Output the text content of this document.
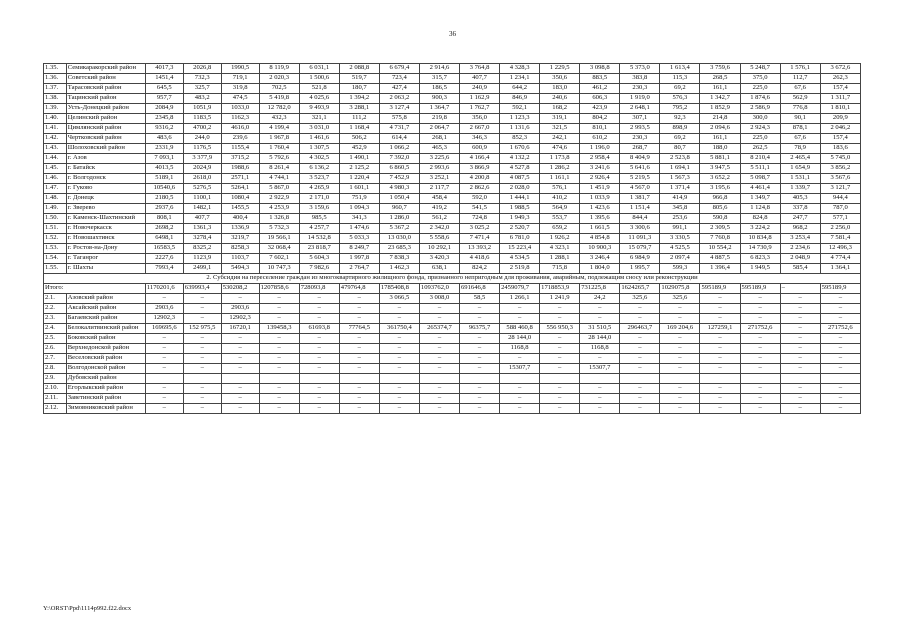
36
1.35.	Семикаракорский район	4017,3	2026,8	1990,5	8 119,9	6 031,1	2 088,8	6 679,4	2 914,6	3 764,8	4 328,3	1 229,5	3 098,8	5 373,0	1 613,4	3 759,6	5 248,7	1 576,1	3 672,6
1.36.	Советский район	1451,4	732,3	719,1	2 020,3	1 500,6	519,7	723,4	315,7	407,7	1 234,1	350,6	883,5	383,8	115,3	268,5	375,0	112,7	262,3
1.37.	Тарасовский район	645,5	325,7	319,8	702,5	521,8	180,7	427,4	186,5	240,9	644,2	183,0	461,2	230,3	69,2	161,1	225,0	67,6	157,4
1.38.	Тацинский район	957,7	483,2	474,5	5 419,8	4 025,6	1 394,2	2 063,2	900,3	1 162,9	846,9	240,6	606,3	1 919,0	576,3	1 342,7	1 874,6	562,9	1 311,7
1.39.	Усть-Донецкий район	2084,9	1051,9	1033,0	12 782,0	9 493,9	3 288,1	3 127,4	1 364,7	1 762,7	592,1	168,2	423,9	2 648,1	795,2	1 852,9	2 586,9	776,8	1 810,1
1.40.	Целинский район	2345,8	1183,5	1162,3	432,3	321,1	111,2	575,8	219,8	356,0	1 123,3	319,1	804,2	307,1	92,3	214,8	300,0	90,1	209,9
1.41.	Цимлянский район	9316,2	4700,2	4616,0	4 199,4	3 031,0	1 168,4	4 731,7	2 064,7	2 667,0	1 131,6	321,5	810,1	2 993,5	898,9	2 094,6	2 924,3	878,1	2 046,2
1.42.	Чертковский район	483,6	244,0	239,6	1 967,8	1 461,6	506,2	614,4	268,1	346,3	852,3	242,1	610,2	230,3	69,2	161,1	225,0	67,6	157,4
1.43.	Шолоховский район	2331,9	1176,5	1155,4	1 760,4	1 307,5	452,9	1 066,2	465,3	600,9	1 670,6	474,6	1 196,0	268,7	80,7	188,0	262,5	78,9	183,6
1.44.	г. Азов	7 093,1	3 377,9	3715,2	5 792,6	4 302,5	1 490,1	7 392,0	3 225,6	4 166,4	4 132,2	1 173,8	2 958,4	8 404,9	2 523,8	5 881,1	8 210,4	2 465,4	5 745,0
1.45.	г. Батайск	4013,5	2024,9	1988,6	8 261,4	6 136,2	2 125,2	6 860,5	2 993,6	3 866,9	4 527,8	1 286,2	3 241,6	5 641,6	1 694,1	3 947,5	5 511,1	1 654,9	3 856,2
1.46.	г. Волгодонск	5189,1	2618,0	2571,1	4 744,1	3 523,7	1 220,4	7 452,9	3 252,1	4 200,8	4 087,5	1 161,1	2 926,4	5 219,5	1 567,3	3 652,2	5 098,7	1 531,1	3 567,6
1.47.	г. Гуково	10540,6	5276,5	5264,1	5 867,0	4 265,9	1 601,1	4 980,3	2 117,7	2 862,6	2 028,0	576,1	1 451,9	4 567,0	1 371,4	3 195,6	4 461,4	1 339,7	3 121,7
1.48.	г. Донецк	2180,5	1100,1	1080,4	2 922,9	2 171,0	751,9	1 050,4	458,4	592,0	1 444,1	410,2	1 033,9	1 381,7	414,9	966,8	1 349,7	405,3	944,4
1.49.	г. Зверево	2937,6	1482,1	1455,5	4 253,9	3 159,6	1 094,3	960,7	419,2	541,5	1 988,5	564,9	1 423,6	1 151,4	345,8	805,6	1 124,8	337,8	787,0
1.50.	г. Каменск-Шахтинский	808,1	407,7	400,4	1 326,8	985,5	341,3	1 286,0	561,2	724,8	1 949,3	553,7	1 395,6	844,4	253,6	590,8	824,8	247,7	577,1
1.51.	г. Новочеркасск	2698,2	1361,3	1336,9	5 732,3	4 257,7	1 474,6	5 367,2	2 342,0	3 025,2	2 520,7	659,2	1 661,5	3 300,6	991,1	2 309,5	3 224,2	968,2	2 256,0
1.52.	г. Новошахтинск	6498,1	3278,4	3219,7	19 566,1	14 532,8	5 033,3	13 030,0	5 558,6	7 471,4	6 781,0	1 926,2	4 854,8	11 091,3	3 330,5	7 760,8	10 834,8	3 253,4	7 581,4
1.53.	г. Ростов-на-Дону	16583,5	8325,2	8258,3	32 068,4	23 818,7	8 249,7	23 685,3	10 292,1	13 393,2	15 223,4	4 323,1	10 900,3	15 079,7	4 525,5	10 554,2	14 730,9	2 234,6	12 496,3
1.54.	г. Таганрог	2227,6	1123,9	1103,7	7 602,1	5 604,3	1 997,8	7 838,3	3 420,3	4 418,6	4 534,5	1 288,1	3 246,4	6 984,9	2 097,4	4 887,5	6 823,3	2 048,9	4 774,4
1.55.	г. Шахты	7993,4	2499,1	5494,3	10 747,3	7 982,6	2 764,7	1 462,3	638,1	824,2	2 519,8	715,8	1 804,0	1 995,7	599,3	1 396,4	1 949,5	585,4	1 364,1
2. Субсидия на переселение граждан из многоквартирного жилищного фонда, признанного непригодным для проживания, аварийным, подлежащим сносу или реконструкции																			
Итого:		1170201,6	639993,4	530208,2	1207858,6	728093,8	479764,8	1785408,8	1093762,0	691646,8	2459079,7	1718853,9	731225,8	1624265,7	1029075,8	595189,9	595189,9	–	595189,9
2.1.	Азовский район	–	–	–	–	–	–	3 066,5	3 008,0	58,5	1 266,1	1 241,9	24,2	325,6	325,6	–	–	–	–
2.2.	Аксайский район	2903,6	–	2903,6	–	–	–	–	–	–	–	–	–	–	–	–	–	–	–
2.3.	Багаевский район	12902,3	–	12902,3	–	–	–	–	–	–	–	–	–	–	–	–	–	–	–
2.4.	Белокалитвинский район	169695,6	152 975,5	16720,1	139458,3	61693,8	77764,5	361750,4	265374,7	96375,7	588 460,8	556 950,3	31 510,5	296463,7	169 204,6	127259,1	271752,6	–	271752,6
2.5.	Боковский район	–	–	–	–	–	–	–	–	–	28 144,0	–	28 144,0	–	–	–	–	–	–
2.6.	Верхнедонской район	–	–	–	–	–	–	–	–	–	1168,8	–	1168,8	–	–	–	–	–	–
2.7.	Веселовский район	–	–	–	–	–	–	–	–	–	–	–	–	–	–	–	–	–	–
2.8.	Волгодонской район	–	–	–	–	–	–	–	–	–	15307,7	–	15307,7	–	–	–	–	–	–
2.9.	Дубовский район																		
2.10.	Егорлыкский район	–	–	–	–	–	–	–	–	–	–	–	–	–	–	–	–	–	–
2.11.	Заветинский район	–	–	–	–	–	–	–	–	–	–	–	–	–	–	–	–	–	–
2.12.	Зимовниковский район	–	–	–	–	–	–	–	–	–	–	–	–	–	–	–	–	–	–
Y:\ORST\Ppd\1114p992.f22.docx
